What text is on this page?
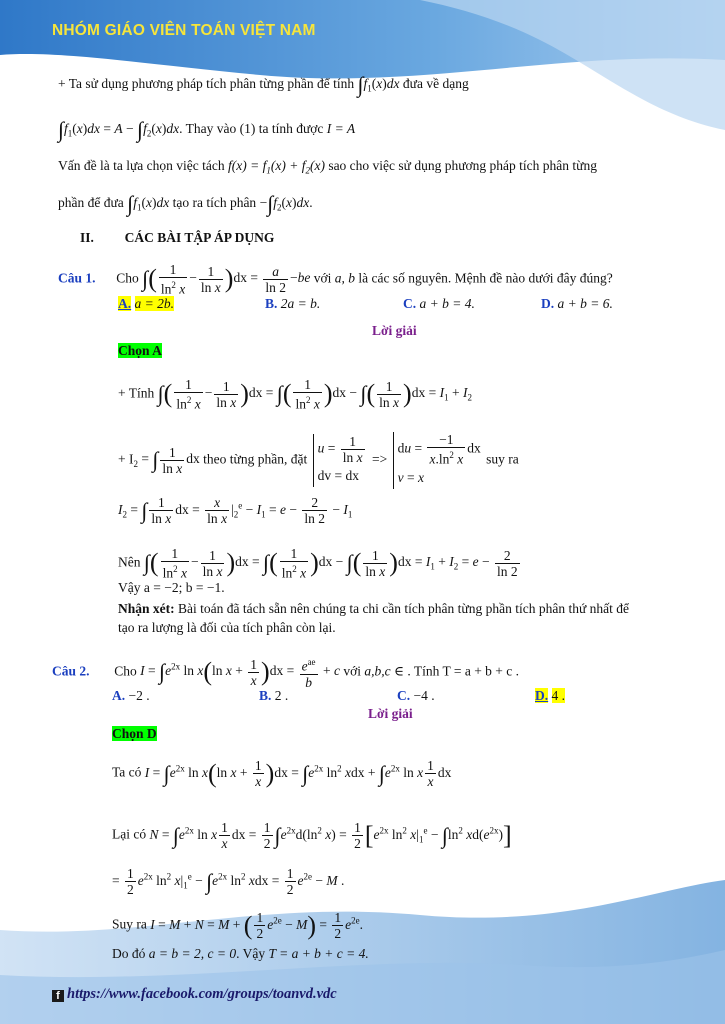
NHÓM GIÁO VIÊN TOÁN VIỆT NAM
+ Ta sử dụng phương pháp tích phân từng phần để tính $\int f_1(x)dx$ đưa về dạng
$\int f_1(x)dx = A - \int f_2(x)dx$. Thay vào (1) ta tính được I = A
Vấn đề là ta lựa chọn việc tách $f(x) = f_1(x) + f_2(x)$ sao cho việc sử dụng phương pháp tích phân từng
phần để đưa $\int f_1(x)dx$ tạo ra tích phân $-\int f_2(x)dx$.
II. CÁC BÀI TẬP ÁP DỤNG
Câu 1. Cho ∫( $\frac{1}{\ln^2 x} - \frac{1}{\text{ln x}} )dx = \frac{a}{\ln 2} -be$ với a, b là các số nguyên. Mệnh đề nào dưới đây đúng?
A. a = 2b.	B. 2a = b.	C. a + b = 4.	D. a + b = 6.
Lời giải
Chọn A
+ Tính ∫( $\frac{1}{\ln^2 x} - \frac{1}{\text{ln x}} )dx$ = ∫( $\frac{1}{\ln^2 x} )dx$ − ∫( $\frac{1}{\text{ln x}} )dx = I_1 + I_2$
+ $I_2$ = ∫ $\frac{1}{\text{ln x}}$ dx theo từng phần, đặt
$u = \frac{1}{\text{ln x}}$
dv = dx
=>
du = $\frac{-1}{x.\ln^2 x}$ dx
v = x
suy ra
$I_2$ = ∫ $\frac{1}{\text{ln x}}$ dx = $\frac{x}{\text{ln x}} |_2^e - I_1 = e - \frac{2}{\ln 2} - I_1$
Nên ∫( $\frac{1}{\ln^2 x} - \frac{1}{\text{ln x}} )dx$ = ∫( $\frac{1}{\ln^2 x} )dx$ − ∫( $\frac{1}{\text{ln x}} )dx = I_1 + I_2 = e - \frac{2}{\ln 2}$
Vậy a = −2; b = −1.
Nhận xét: Bài toán đã tách sẵn nên chúng ta chi cần tích phân từng phần tích phân thứ nhất để
tạo ra lượng là đối của tích phân còn lại.
Câu 2. Cho $I = \int e^{2x}$ ln x(ln $x + \frac{1}{x} )dx = \frac{e^{ae}}{b} + c$ với a,b,c ∈ . Tính T = a + b + c .
A. −2 .	B. 2 .	C. −4 .	D. 4 .
Lời giải
Chọn D
Ta có $I = \int e^{2x}$ ln x(ln $x + \frac{1}{x} )dx = \int e^{2x}$ $\ln^2$ xdx + $\int e^{2x}$ ln x $\frac{1}{x}$ dx
Lại có $N = \int e^{2x}$ ln x $\frac{1}{x}$ dx = $\frac{1}{2} \int e^{2x}d(\ln^2$ $x) = \frac{1}{2} [e^{2x}$ $\ln^2 x|_1^e - \int\ln^2$ $xd(e^{2x})$]
= $\frac{1}{2} e^{2x}$ $\ln^2 x|_1^e - \int e^{2x}$ $\ln^2$ xdx = $\frac{1}{2} e^{2e} - M$ .
Suy ra I = M + N = M + ( $\frac{1}{2} e^{2e} - M) = \frac{1}{2} e^{2e}$.
Do đó a = b = 2, c = 0. Vậy T = a + b + c = 4.
f https://www.facebook.com/groups/toanvd.vdc
